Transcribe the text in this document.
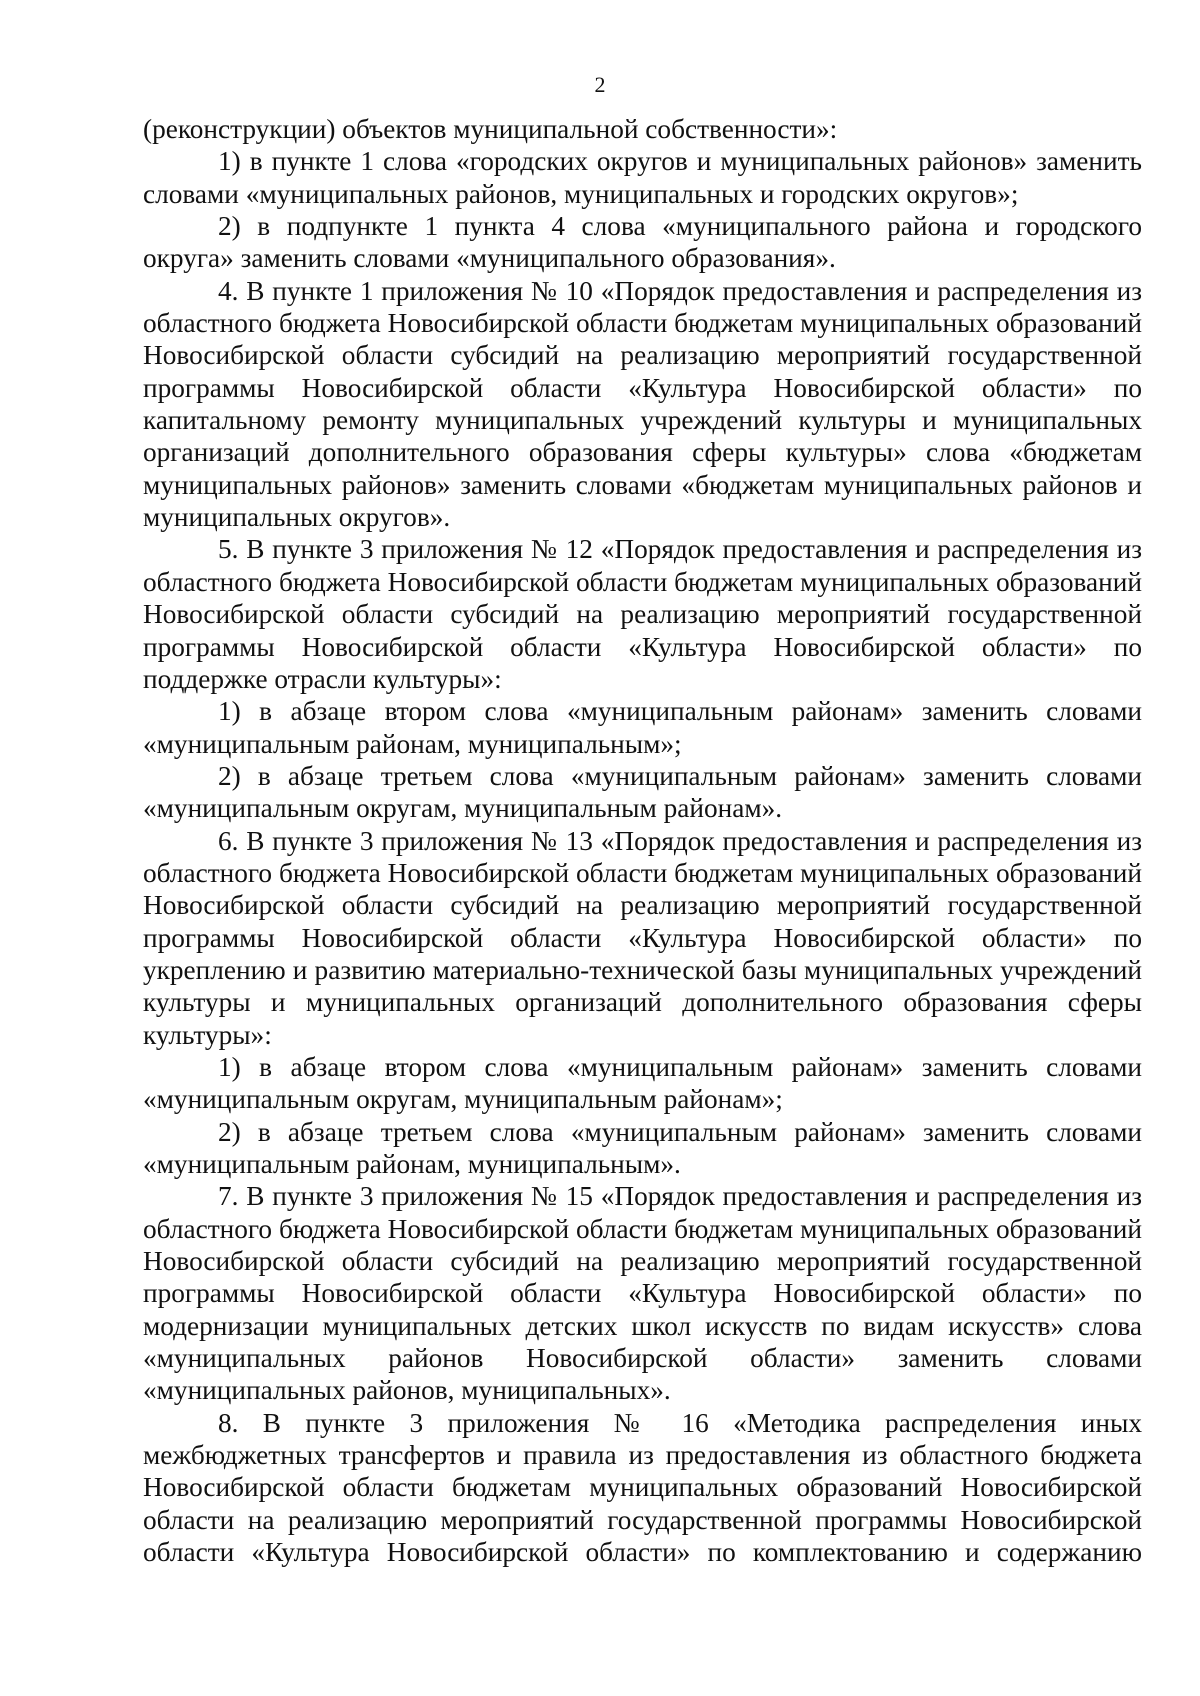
2

(реконструкции) объектов муниципальной собственности»:

1) в пункте 1 слова «городских округов и муниципальных районов» заменить словами «муниципальных районов, муниципальных и городских округов»;

2) в подпункте 1 пункта 4 слова «муниципального района и городского округа» заменить словами «муниципального образования».

4. В пункте 1 приложения № 10 «Порядок предоставления и распределения из областного бюджета Новосибирской области бюджетам муниципальных образований Новосибирской области субсидий на реализацию мероприятий государственной программы Новосибирской области «Культура Новосибирской области» по капитальному ремонту муниципальных учреждений культуры и муниципальных организаций дополнительного образования сферы культуры» слова «бюджетам муниципальных районов» заменить словами «бюджетам муниципальных районов и муниципальных округов».

5. В пункте 3 приложения № 12 «Порядок предоставления и распределения из областного бюджета Новосибирской области бюджетам муниципальных образований Новосибирской области субсидий на реализацию мероприятий государственной программы Новосибирской области «Культура Новосибирской области» по поддержке отрасли культуры»:

1) в абзаце втором слова «муниципальным районам» заменить словами «муниципальным районам, муниципальным»;

2) в абзаце третьем слова «муниципальным районам» заменить словами «муниципальным округам, муниципальным районам».

6. В пункте 3 приложения № 13 «Порядок предоставления и распределения из областного бюджета Новосибирской области бюджетам муниципальных образований Новосибирской области субсидий на реализацию мероприятий государственной программы Новосибирской области «Культура Новосибирской области» по укреплению и развитию материально-технической базы муниципальных учреждений культуры и муниципальных организаций дополнительного образования сферы культуры»:

1) в абзаце втором слова «муниципальным районам» заменить словами «муниципальным округам, муниципальным районам»;

2) в абзаце третьем слова «муниципальным районам» заменить словами «муниципальным районам, муниципальным».

7. В пункте 3 приложения № 15 «Порядок предоставления и распределения из областного бюджета Новосибирской области бюджетам муниципальных образований Новосибирской области субсидий на реализацию мероприятий государственной программы Новосибирской области «Культура Новосибирской области» по модернизации муниципальных детских школ искусств по видам искусств» слова «муниципальных районов Новосибирской области» заменить словами «муниципальных районов, муниципальных».

8. В пункте 3 приложения № 16 «Методика распределения иных межбюджетных трансфертов и правила из предоставления из областного бюджета Новосибирской области бюджетам муниципальных образований Новосибирской области на реализацию мероприятий государственной программы Новосибирской области «Культура Новосибирской области» по комплектованию и содержанию
